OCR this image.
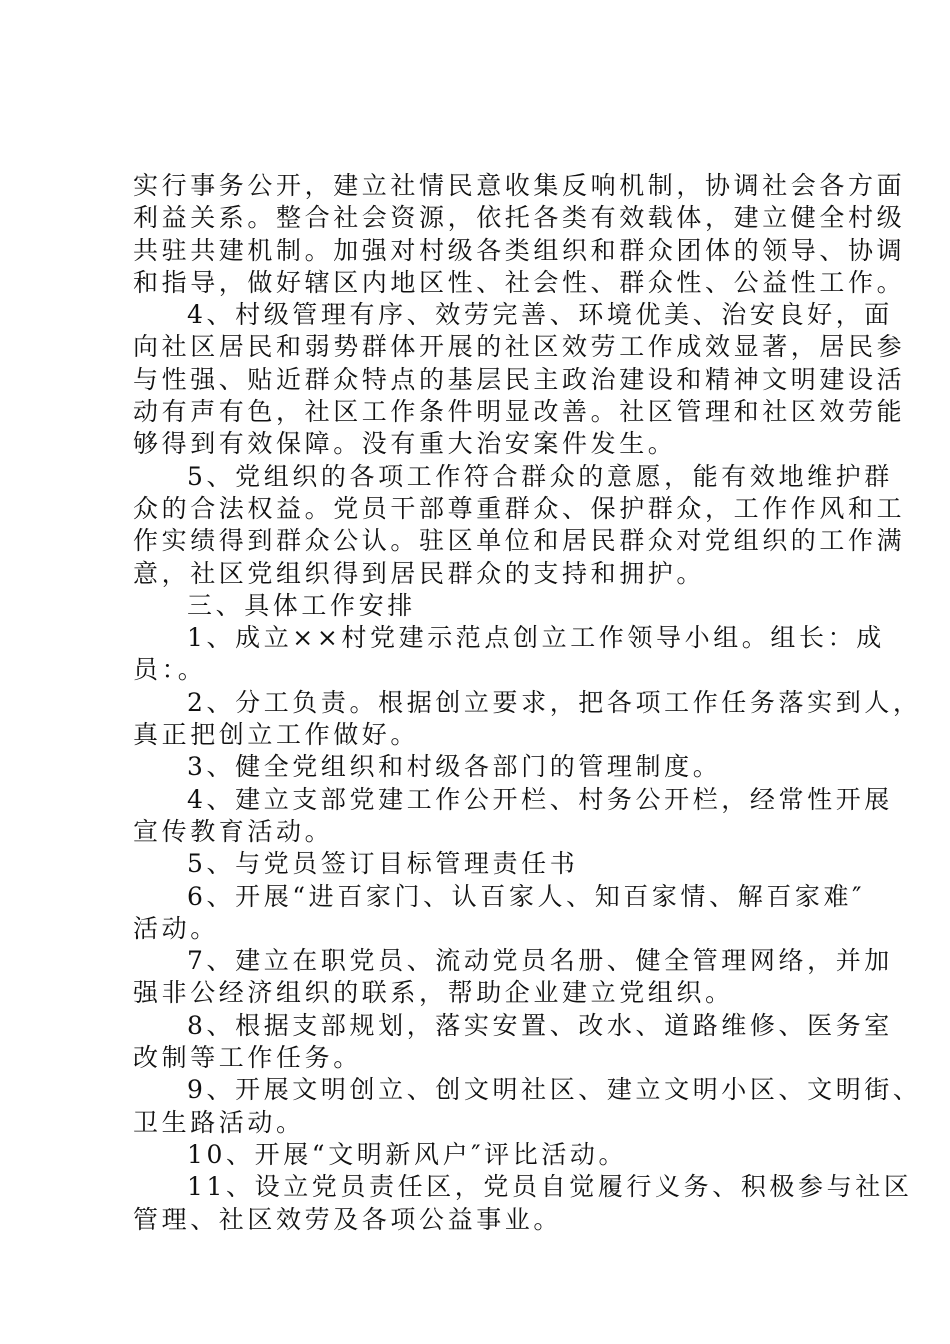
实行事务公开，建立社情民意收集反响机制，协调社会各方面
利益关系。整合社会资源，依托各类有效载体，建立健全村级
共驻共建机制。加强对村级各类组织和群众团体的领导、协调
和指导，做好辖区内地区性、社会性、群众性、公益性工作。
4、村级管理有序、效劳完善、环境优美、治安良好，面
向社区居民和弱势群体开展的社区效劳工作成效显著，居民参
与性强、贴近群众特点的基层民主政治建设和精神文明建设活
动有声有色，社区工作条件明显改善。社区管理和社区效劳能
够得到有效保障。没有重大治安案件发生。
5、党组织的各项工作符合群众的意愿，能有效地维护群
众的合法权益。党员干部尊重群众、保护群众，工作作风和工
作实绩得到群众公认。驻区单位和居民群众对党组织的工作满
意，社区党组织得到居民群众的支持和拥护。
三、具体工作安排
1、成立××村党建示范点创立工作领导小组。组长：成
员：。
2、分工负责。根据创立要求，把各项工作任务落实到人，
真正把创立工作做好。
3、健全党组织和村级各部门的管理制度。
4、建立支部党建工作公开栏、村务公开栏，经常性开展
宣传教育活动。
5、与党员签订目标管理责任书
6、开展“进百家门、认百家人、知百家情、解百家难″
活动。
7、建立在职党员、流动党员名册、健全管理网络，并加
强非公经济组织的联系，帮助企业建立党组织。
8、根据支部规划，落实安置、改水、道路维修、医务室
改制等工作任务。
9、开展文明创立、创文明社区、建立文明小区、文明街、
卫生路活动。
10、开展“文明新风户″评比活动。
11、设立党员责任区，党员自觉履行义务、积极参与社区
管理、社区效劳及各项公益事业。
